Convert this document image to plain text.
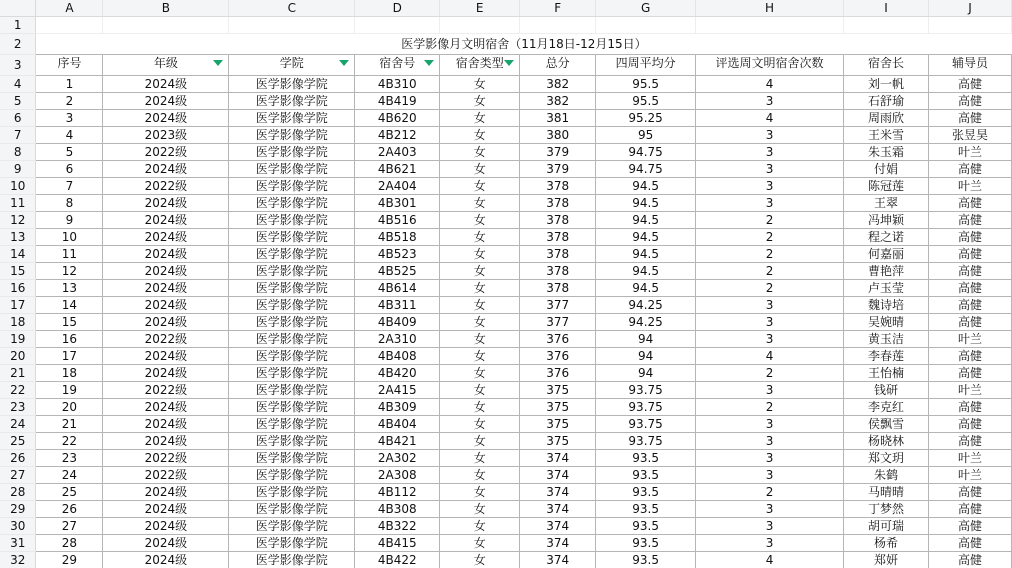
	A	B	C	D	E	F	G	H	I	J
1										
2	医学影像月文明宿舍（11月18日-12月15日）									
3	序号	年级	学院	宿舍号	宿舍类型	总分	四周平均分	评选周文明宿舍次数	宿舍长	辅导员
4	1	2024级	医学影像学院	4B310	女	382	95.5	4	刘一帆	高健
5	2	2024级	医学影像学院	4B419	女	382	95.5	3	石舒瑜	高健
6	3	2024级	医学影像学院	4B620	女	381	95.25	4	周雨欣	高健
7	4	2023级	医学影像学院	4B212	女	380	95	3	王米雪	张昱昊
8	5	2022级	医学影像学院	2A403	女	379	94.75	3	朱玉霜	叶兰
9	6	2024级	医学影像学院	4B621	女	379	94.75	3	付娟	高健
10	7	2022级	医学影像学院	2A404	女	378	94.5	3	陈冠莲	叶兰
11	8	2024级	医学影像学院	4B301	女	378	94.5	3	王翠	高健
12	9	2024级	医学影像学院	4B516	女	378	94.5	2	冯坤颖	高健
13	10	2024级	医学影像学院	4B518	女	378	94.5	2	程之诺	高健
14	11	2024级	医学影像学院	4B523	女	378	94.5	2	何嘉丽	高健
15	12	2024级	医学影像学院	4B525	女	378	94.5	2	曹艳萍	高健
16	13	2024级	医学影像学院	4B614	女	378	94.5	2	卢玉莹	高健
17	14	2024级	医学影像学院	4B311	女	377	94.25	3	魏诗培	高健
18	15	2024级	医学影像学院	4B409	女	377	94.25	3	吴婉晴	高健
19	16	2022级	医学影像学院	2A310	女	376	94	3	黄玉洁	叶兰
20	17	2024级	医学影像学院	4B408	女	376	94	4	李春莲	高健
21	18	2024级	医学影像学院	4B420	女	376	94	2	王怡楠	高健
22	19	2022级	医学影像学院	2A415	女	375	93.75	3	钱研	叶兰
23	20	2024级	医学影像学院	4B309	女	375	93.75	2	李克红	高健
24	21	2024级	医学影像学院	4B404	女	375	93.75	3	侯飘雪	高健
25	22	2024级	医学影像学院	4B421	女	375	93.75	3	杨晓林	高健
26	23	2022级	医学影像学院	2A302	女	374	93.5	3	郑文玥	叶兰
27	24	2022级	医学影像学院	2A308	女	374	93.5	3	朱鹤	叶兰
28	25	2024级	医学影像学院	4B112	女	374	93.5	2	马晴晴	高健
29	26	2024级	医学影像学院	4B308	女	374	93.5	3	丁梦然	高健
30	27	2024级	医学影像学院	4B322	女	374	93.5	3	胡可瑞	高健
31	28	2024级	医学影像学院	4B415	女	374	93.5	3	杨希	高健
32	29	2024级	医学影像学院	4B422	女	374	93.5	4	郑妍	高健
